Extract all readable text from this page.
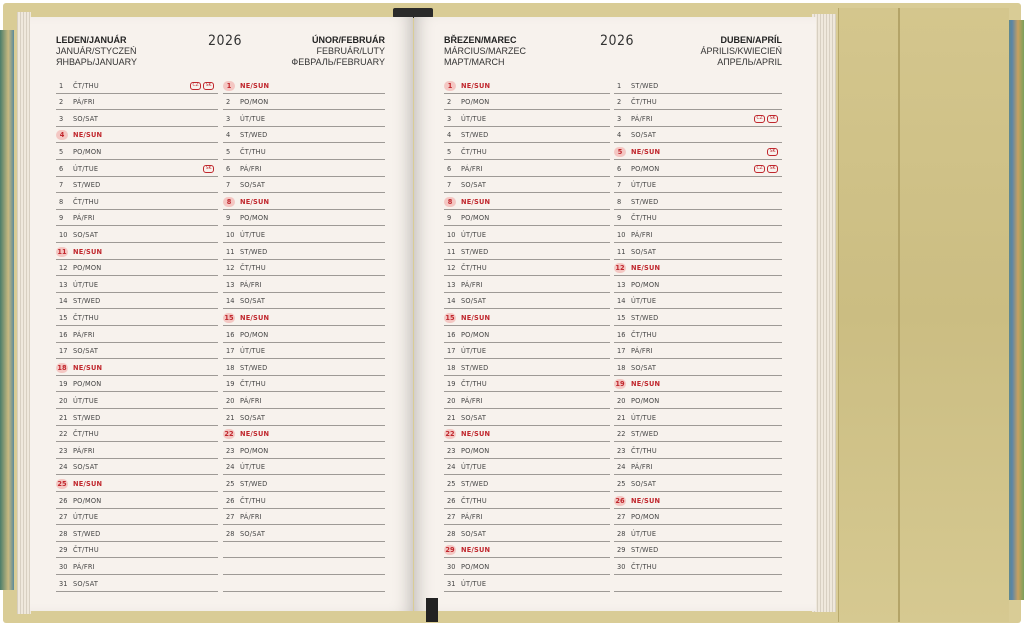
LEDEN/JANUÁR
JANUÁR/STYCZEŃ
ЯНВАРЬ/JANUARY
2026	ÚNOR/FEBRUÁR
FEBRUÁR/LUTY
ФЕВРАЛЬ/FEBRUARY
1	ČT/THU	CZ SK
2	PÁ/FRI
3	SO/SAT
4	NE/SUN
5	PO/MON
6	ÚT/TUE	SK
7	ST/WED
8	ČT/THU
9	PÁ/FRI
10 SO/SAT
11 NE/SUN
12 PO/MON
13 ÚT/TUE
14 ST/WED
15 ČT/THU
16 PÁ/FRI
17 SO/SAT
18 NE/SUN
19 PO/MON
20 ÚT/TUE
21 ST/WED
22 ČT/THU
23 PÁ/FRI
24 SO/SAT
25 NE/SUN
26 PO/MON
27 ÚT/TUE
28 ST/WED
29 ČT/THU
30 PÁ/FRI
31 SO/SAT
1	NE/SUN
2	PO/MON
3	ÚT/TUE
4	ST/WED
5	ČT/THU
6	PÁ/FRI
7	SO/SAT
8	NE/SUN
9	PO/MON
10 ÚT/TUE
11 ST/WED
12 ČT/THU
13 PÁ/FRI
14 SO/SAT
15 NE/SUN
16 PO/MON
17 ÚT/TUE
18 ST/WED
19 ČT/THU
20 PÁ/FRI
21 SO/SAT
22 NE/SUN
23 PO/MON
24 ÚT/TUE
25 ST/WED
26 ČT/THU
27 PÁ/FRI
28 SO/SAT
BŘEZEN/MAREC
MÁRCIUS/MARZEC
MAPT/MARCH
2026	DUBEN/APRÍL
ÁPRILIS/KWIECIEŃ
АПРЕЛЬ/APRIL
1	NE/SUN
2	PO/MON
3	ÚT/TUE
4	ST/WED
5	ČT/THU
6	PÁ/FRI
7	SO/SAT
8	NE/SUN
9	PO/MON
10 ÚT/TUE
11 ST/WED
12 ČT/THU
13 PÁ/FRI
14 SO/SAT
15 NE/SUN
16 PO/MON
17 ÚT/TUE
18 ST/WED
19 ČT/THU
20 PÁ/FRI
21 SO/SAT
22 NE/SUN
23 PO/MON
24 ÚT/TUE
25 ST/WED
26 ČT/THU
27 PÁ/FRI
28 SO/SAT
29 NE/SUN
30 PO/MON
31 ÚT/TUE
1	ST/WED
2	ČT/THU
3	PÁ/FRI	CZ SK
4	SO/SAT
5	NE/SUN	SK
6	PO/MON	CZ SK
7	ÚT/TUE
8	ST/WED
9	ČT/THU
10 PÁ/FRI
11 SO/SAT
12 NE/SUN
13 PO/MON
14 ÚT/TUE
15 ST/WED
16 ČT/THU
17 PÁ/FRI
18 SO/SAT
19 NE/SUN
20 PO/MON
21 ÚT/TUE
22 ST/WED
23 ČT/THU
24 PÁ/FRI
25 SO/SAT
26 NE/SUN
27 PO/MON
28 ÚT/TUE
29 ST/WED
30 ČT/THU
